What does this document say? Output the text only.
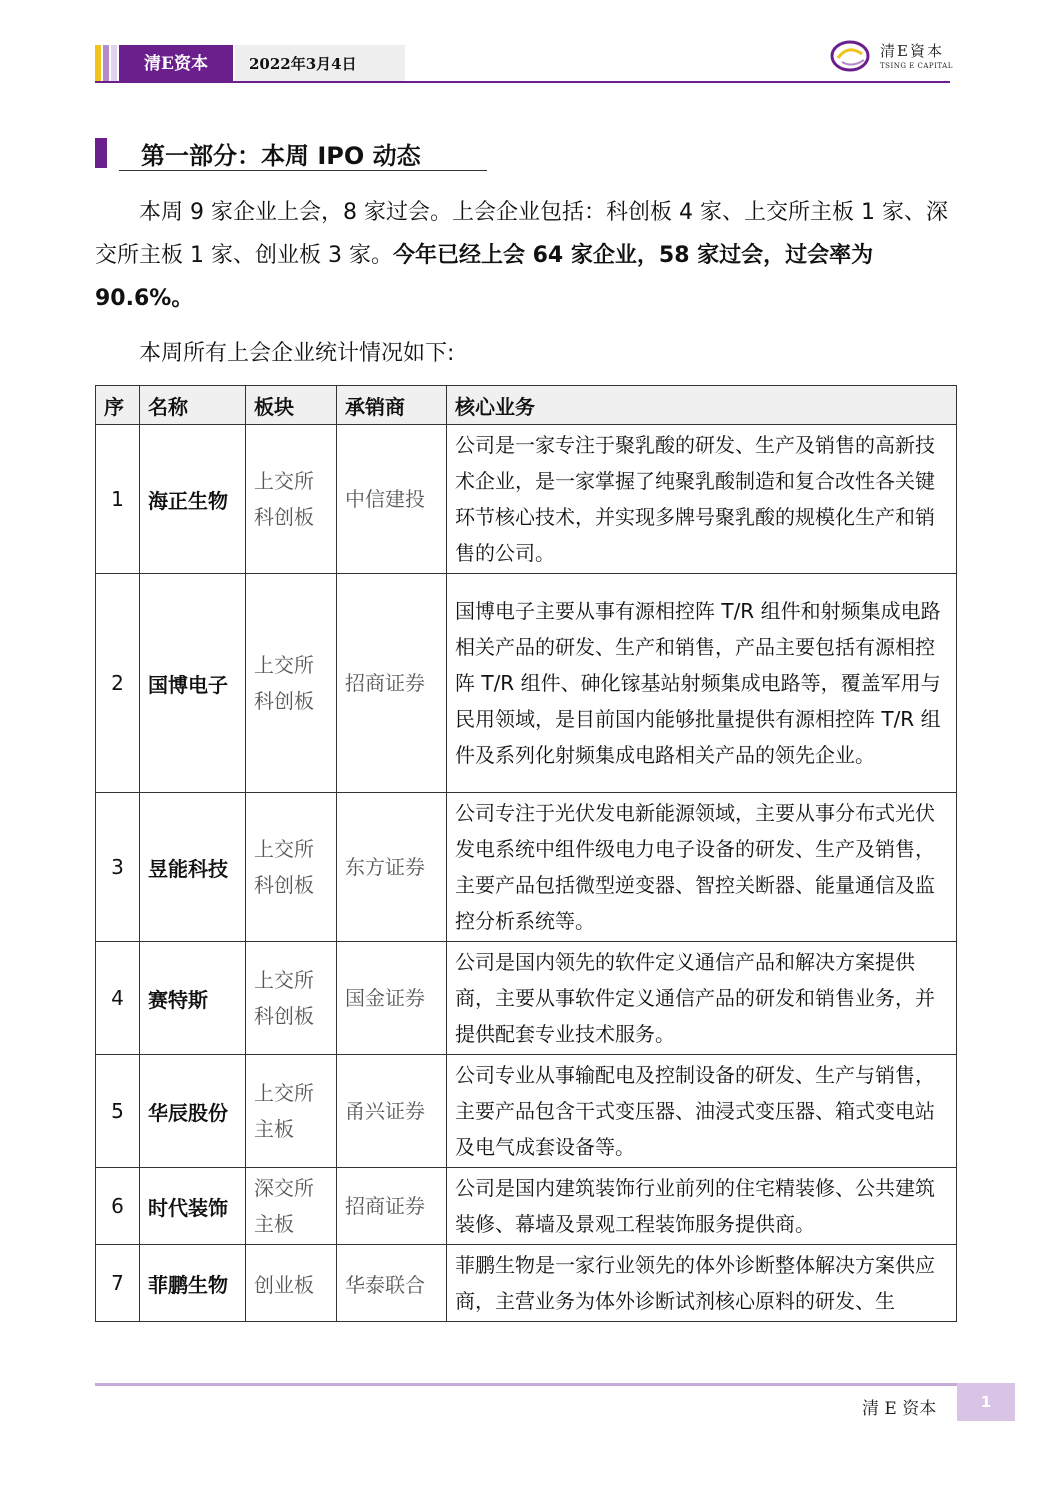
清E资本	2022年3月4日
清E資本
TSING E CAPITAL
第一部分：本周 IPO 动态
本周 9 家企业上会，8 家过会。上会企业包括：科创板 4 家、上交所主板 1 家、深交所主板 1 家、创业板 3 家。今年已经上会 64 家企业，58 家过会，过会率为 90.6%。
本周所有上会企业统计情况如下:
序	名称	板块	承销商	核心业务
1	海正生物	上交所科创板	中信建投	公司是一家专注于聚乳酸的研发、生产及销售的高新技术企业，是一家掌握了纯聚乳酸制造和复合改性各关键环节核心技术，并实现多牌号聚乳酸的规模化生产和销售的公司。
2	国博电子	上交所科创板	招商证券	国博电子主要从事有源相控阵 T/R 组件和射频集成电路相关产品的研发、生产和销售，产品主要包括有源相控阵 T/R 组件、砷化镓基站射频集成电路等，覆盖军用与民用领域，是目前国内能够批量提供有源相控阵 T/R 组件及系列化射频集成电路相关产品的领先企业。
3	昱能科技	上交所科创板	东方证券	公司专注于光伏发电新能源领域，主要从事分布式光伏发电系统中组件级电力电子设备的研发、生产及销售，主要产品包括微型逆变器、智控关断器、能量通信及监控分析系统等。
4	赛特斯	上交所科创板	国金证券	公司是国内领先的软件定义通信产品和解决方案提供商，主要从事软件定义通信产品的研发和销售业务，并提供配套专业技术服务。
5	华辰股份	上交所主板	甬兴证券	公司专业从事输配电及控制设备的研发、生产与销售，主要产品包含干式变压器、油浸式变压器、箱式变电站及电气成套设备等。
6	时代装饰	深交所主板	招商证券	公司是国内建筑装饰行业前列的住宅精装修、公共建筑装修、幕墙及景观工程装饰服务提供商。
7	菲鹏生物	创业板	华泰联合	菲鹏生物是一家行业领先的体外诊断整体解决方案供应商，主营业务为体外诊断试剂核心原料的研发、生
清 E 资本	1
